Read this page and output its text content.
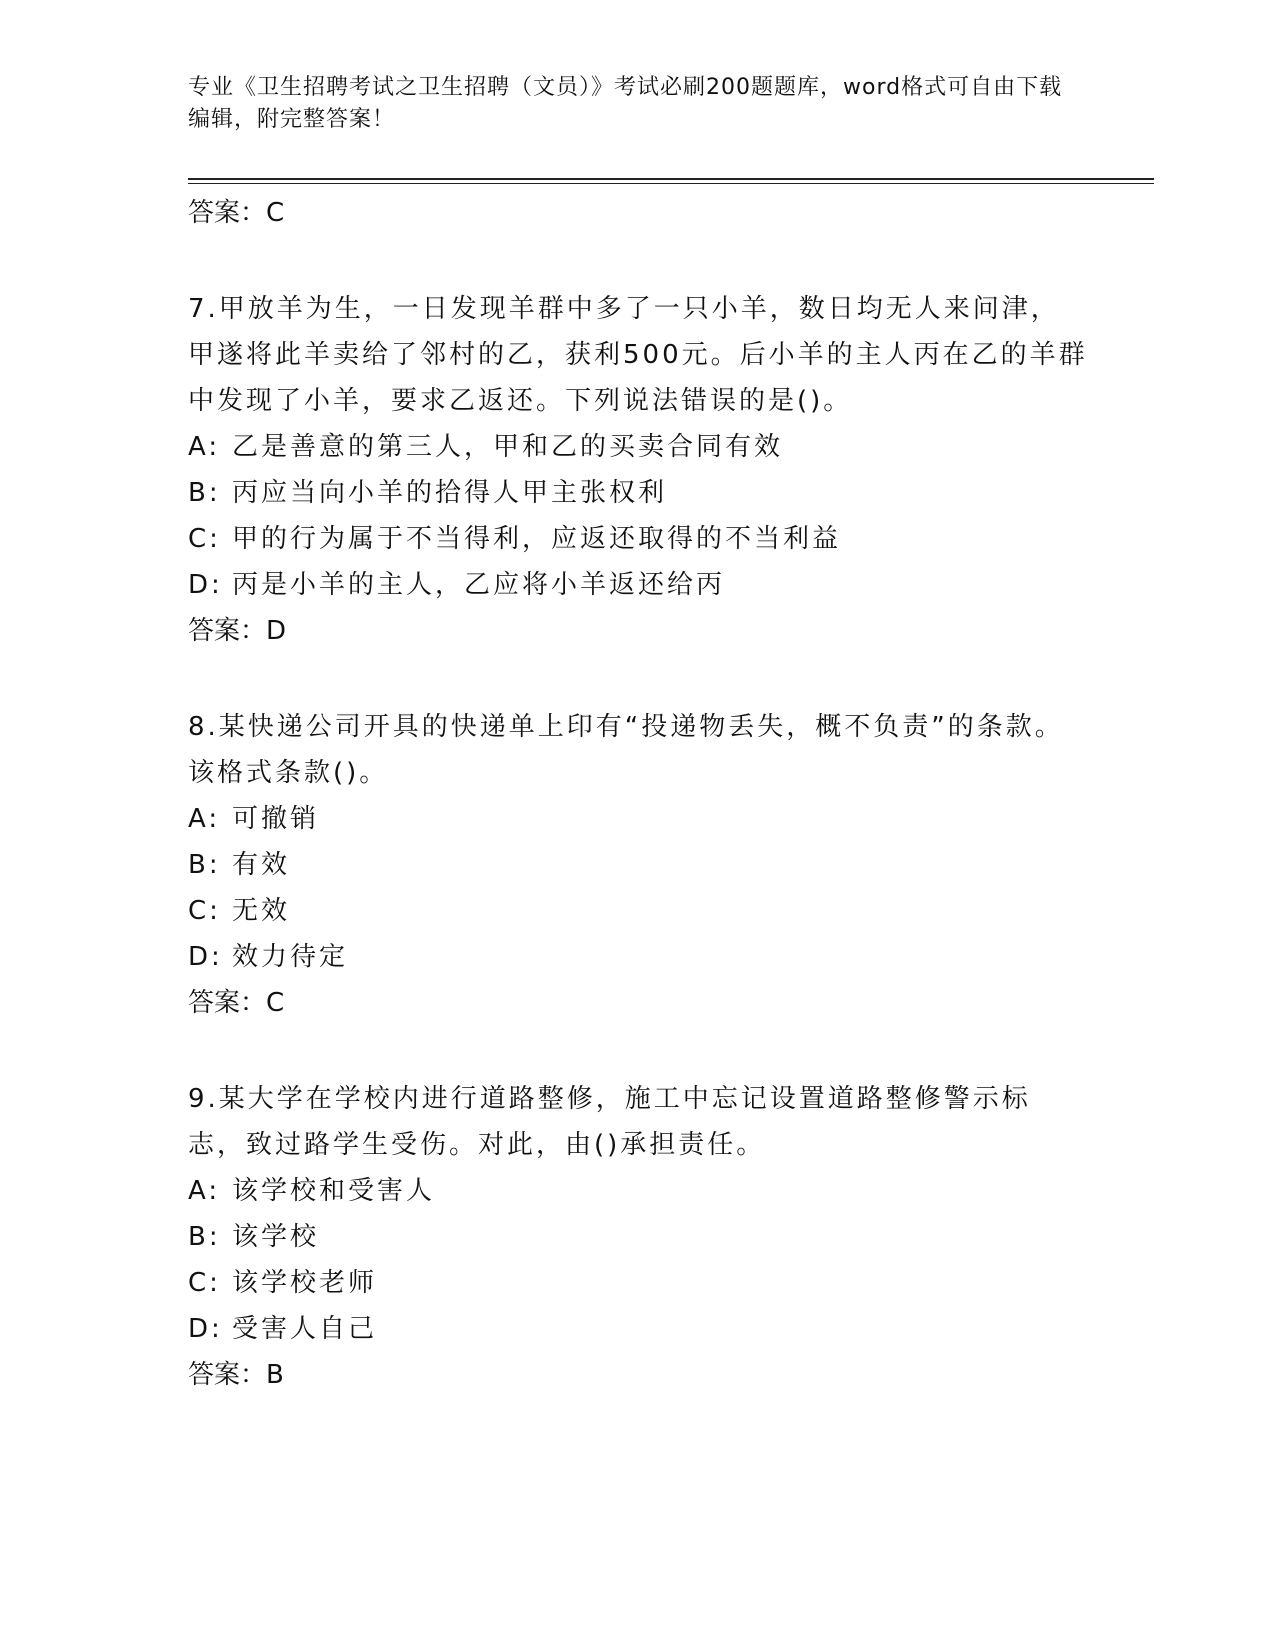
专业《卫生招聘考试之卫生招聘（文员）》考试必刷200题题库，word格式可自由下载编辑，附完整答案！

答案：C

7.甲放羊为生，一日发现羊群中多了一只小羊，数日均无人来问津，甲遂将此羊卖给了邻村的乙，获利500元。后小羊的主人丙在乙的羊群中发现了小羊，要求乙返还。下列说法错误的是()。

A: 乙是善意的第三人，甲和乙的买卖合同有效

B: 丙应当向小羊的拾得人甲主张权利

C: 甲的行为属于不当得利，应返还取得的不当利益

D: 丙是小羊的主人，乙应将小羊返还给丙

答案：D

8.某快递公司开具的快递单上印有“投递物丢失，概不负责”的条款。该格式条款()。

A: 可撤销

B: 有效

C: 无效

D: 效力待定

答案：C

9.某大学在学校内进行道路整修，施工中忘记设置道路整修警示标志，致过路学生受伤。对此，由()承担责任。

A: 该学校和受害人

B: 该学校

C: 该学校老师

D: 受害人自己

答案：B
